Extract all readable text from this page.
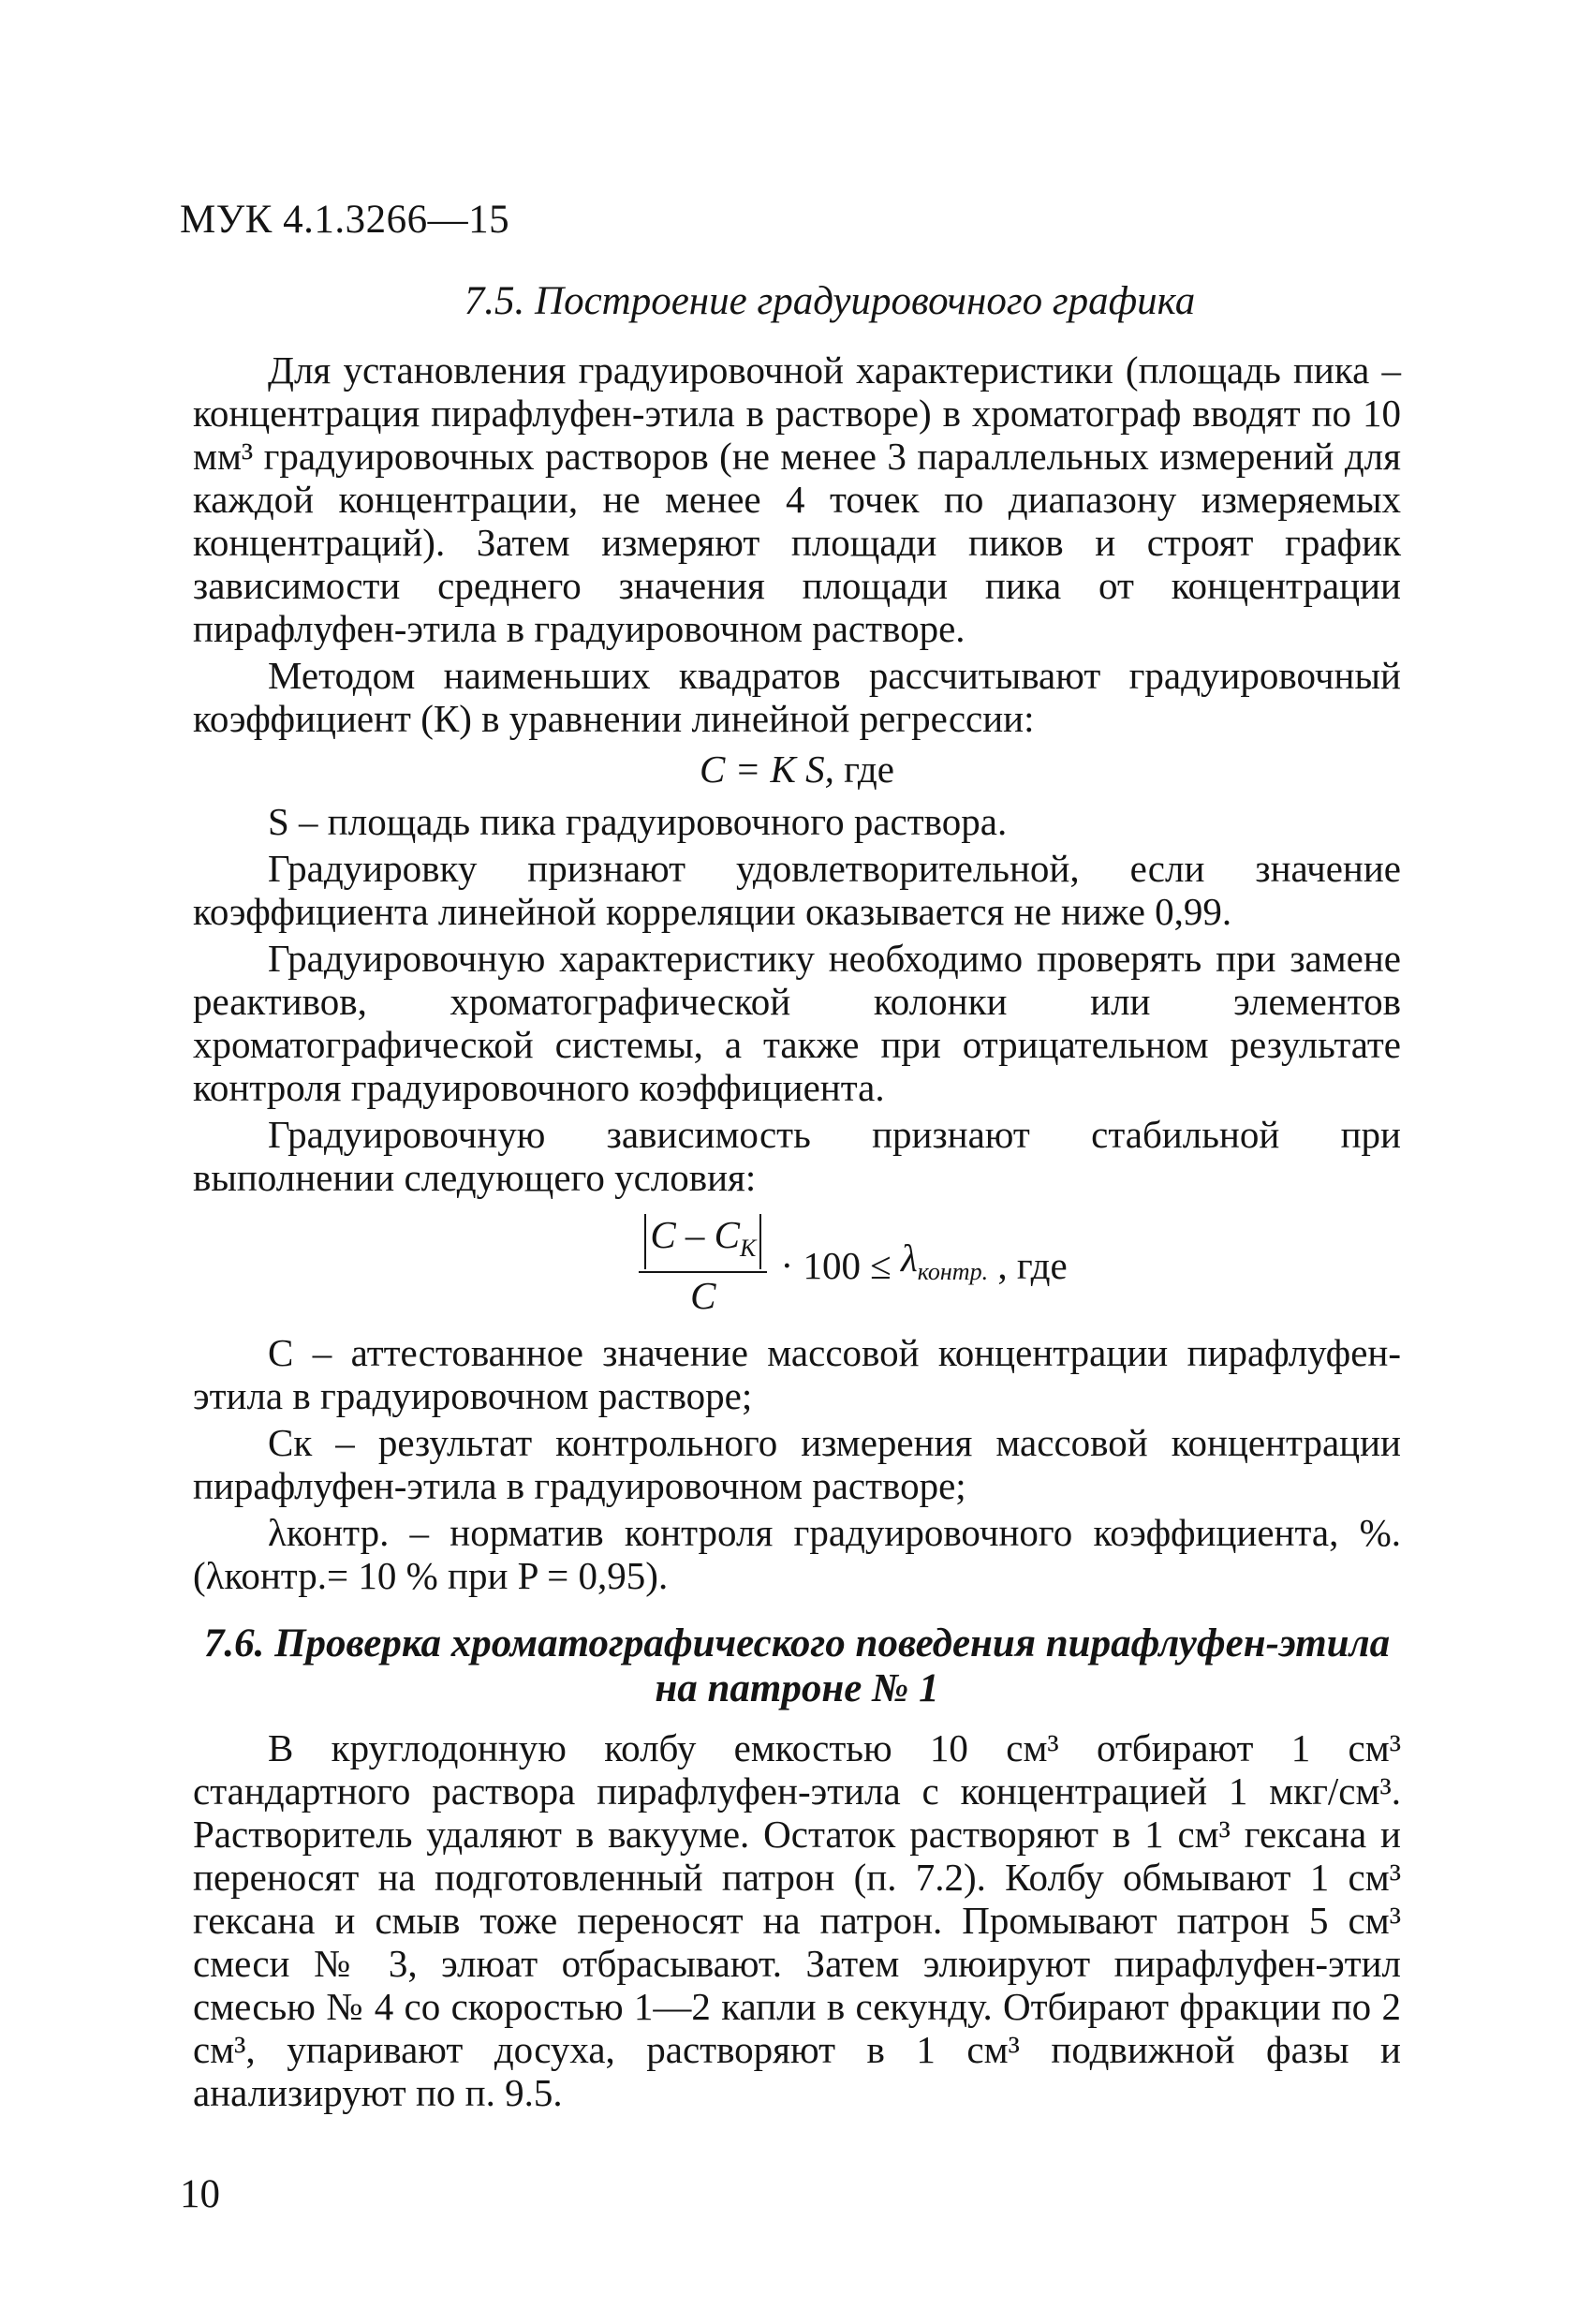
МУК 4.1.3266—15
7.5. Построение градуировочного графика

Для установления градуировочной характеристики (площадь пика – концентрация пирафлуфен-этила в растворе) в хроматограф вводят по 10 мм³ градуировочных растворов (не менее 3 параллельных измерений для каждой концентрации, не менее 4 точек по диапазону измеряемых концентраций). Затем измеряют площади пиков и строят график зависимости среднего значения площади пика от концентрации пирафлуфен-этила в градуировочном растворе.

Методом наименьших квадратов рассчитывают градуировочный коэффициент (К) в уравнении линейной регрессии:

C = K S, где

S – площадь пика градуировочного раствора.

Градуировку признают удовлетворительной, если значение коэффициента линейной корреляции оказывается не ниже 0,99.

Градуировочную характеристику необходимо проверять при замене реактивов, хроматографической колонки или элементов хроматографической системы, а также при отрицательном результате контроля градуировочного коэффициента.

Градуировочную зависимость признают стабильной при выполнении следующего условия:

$\frac{C - C_К}{C} \cdot 100 \le \lambda_{контр.}$ , где

C – аттестованное значение массовой концентрации пирафлуфен-этила в градуировочном растворе;

Cк – результат контрольного измерения массовой концентрации пирафлуфен-этила в градуировочном растворе;

λконтр. – норматив контроля градуировочного коэффициента, %. (λконтр.= 10 % при P = 0,95).

7.6. Проверка хроматографического поведения пирафлуфен-этила
на патроне № 1

В круглодонную колбу емкостью 10 см³ отбирают 1 см³ стандартного раствора пирафлуфен-этила с концентрацией 1 мкг/см³. Растворитель удаляют в вакууме. Остаток растворяют в 1 см³ гексана и переносят на подготовленный патрон (п. 7.2). Колбу обмывают 1 см³ гексана и смыв тоже переносят на патрон. Промывают патрон 5 см³ смеси № 3, элюат отбрасывают. Затем элюируют пирафлуфен-этил смесью № 4 со скоростью 1—2 капли в секунду. Отбирают фракции по 2 см³, упаривают досуха, растворяют в 1 см³ подвижной фазы и анализируют по п. 9.5.

10
